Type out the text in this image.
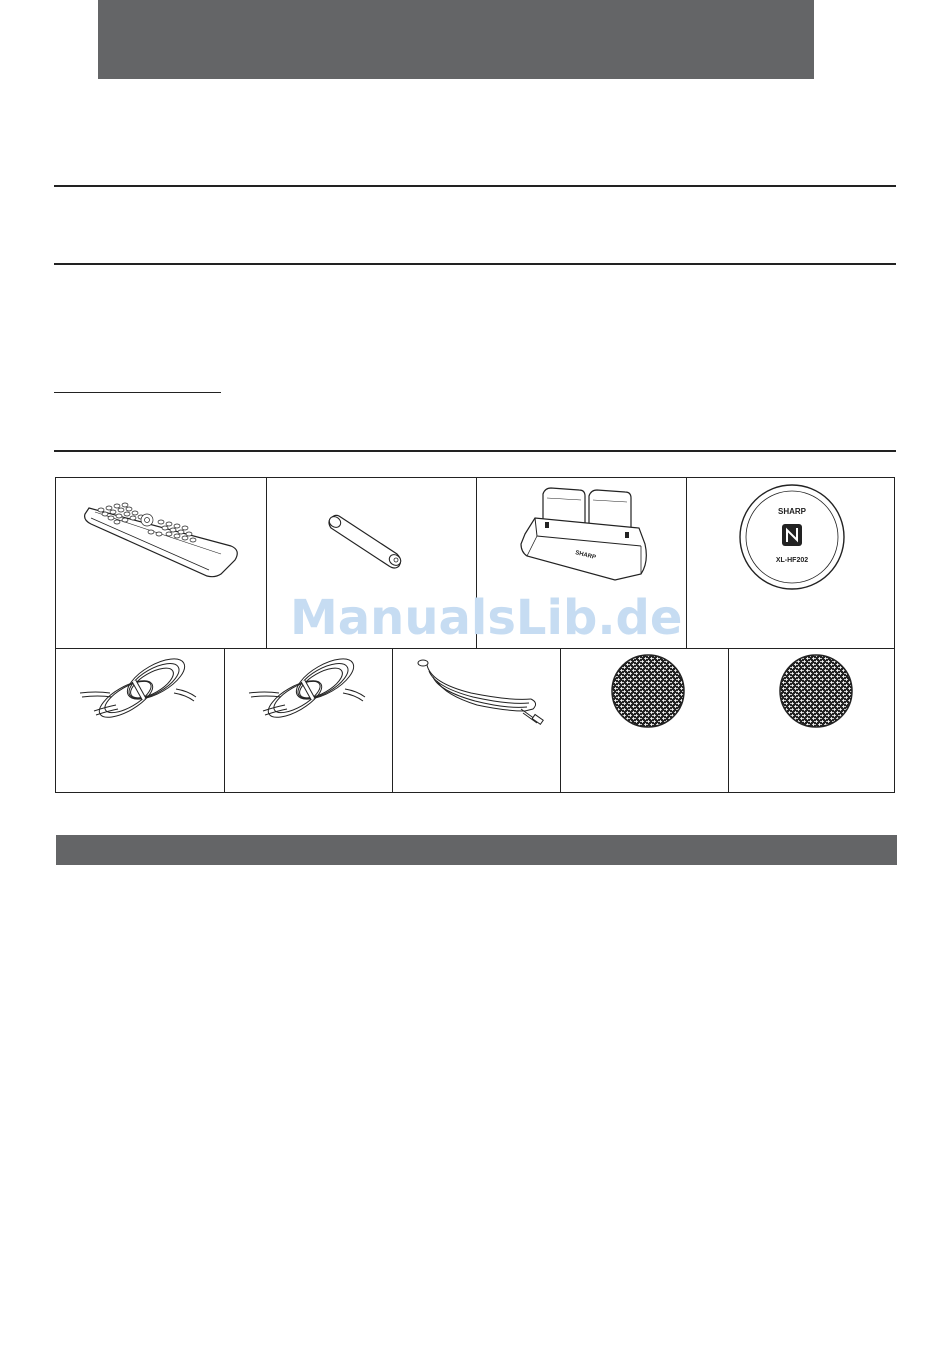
SHARP
SHARP
XL-HF202
ManualsLib.de
